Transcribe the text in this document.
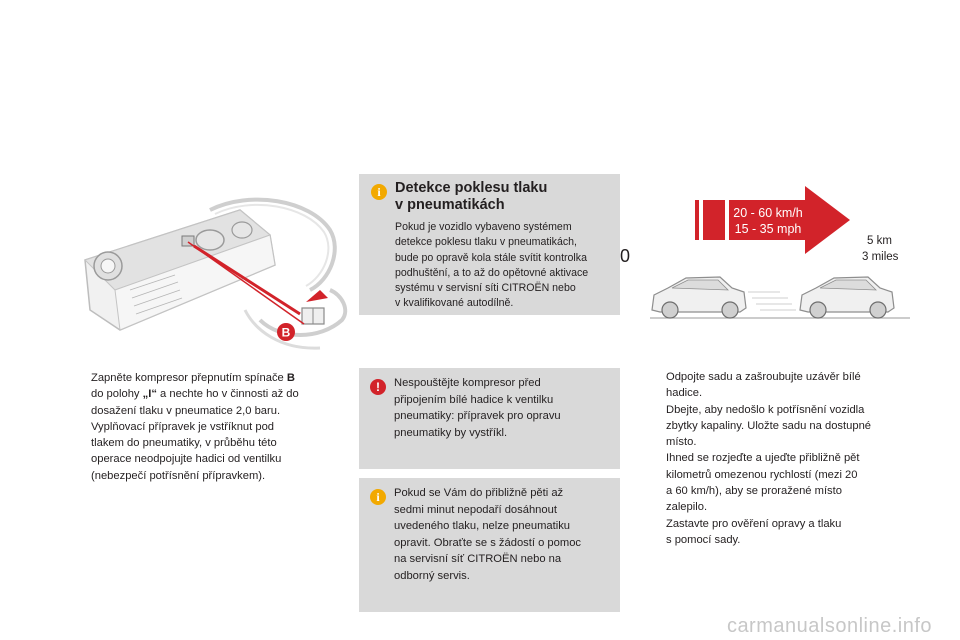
B
i Detekce poklesu tlaku
v pneumatikách
Pokud je vozidlo vybaveno systémem
detekce poklesu tlaku v pneumatikách,
bude po opravě kola stále svítit kontrolka
podhuštění, a to až do opětovné aktivace
systému v servisní síti CITROËN nebo
v kvalifikované autodílně.
20 - 60 km/h
15 - 35 mph
0
5 km
3 miles
Zapněte kompresor přepnutím spínače B
do polohy „I“ a nechte ho v činnosti až do
dosažení tlaku v pneumatice 2,0 baru.
Vyplňovací přípravek je vstříknut pod
tlakem do pneumatiky, v průběhu této
operace neodpojujte hadici od ventilku
(nebezpečí potřísnění přípravkem).
!	Nespouštějte kompresor před
připojením bílé hadice k ventilku
pneumatiky: přípravek pro opravu
pneumatiky by vystříkl.
i	Pokud se Vám do přibližně pěti až
sedmi minut nepodaří dosáhnout
uvedeného tlaku, nelze pneumatiku
opravit. Obraťte se s žádostí o pomoc
na servisní síť CITROËN nebo na
odborný servis.
Odpojte sadu a zašroubujte uzávěr bílé
hadice.
Dbejte, aby nedošlo k potřísnění vozidla
zbytky kapaliny. Uložte sadu na dostupné
místo.
Ihned se rozjeďte a ujeďte přibližně pět
kilometrů omezenou rychlostí (mezi 20
a 60 km/h), aby se proražené místo
zalepilo.
Zastavte pro ověření opravy a tlaku
s pomocí sady.
carmanualsonline.info
